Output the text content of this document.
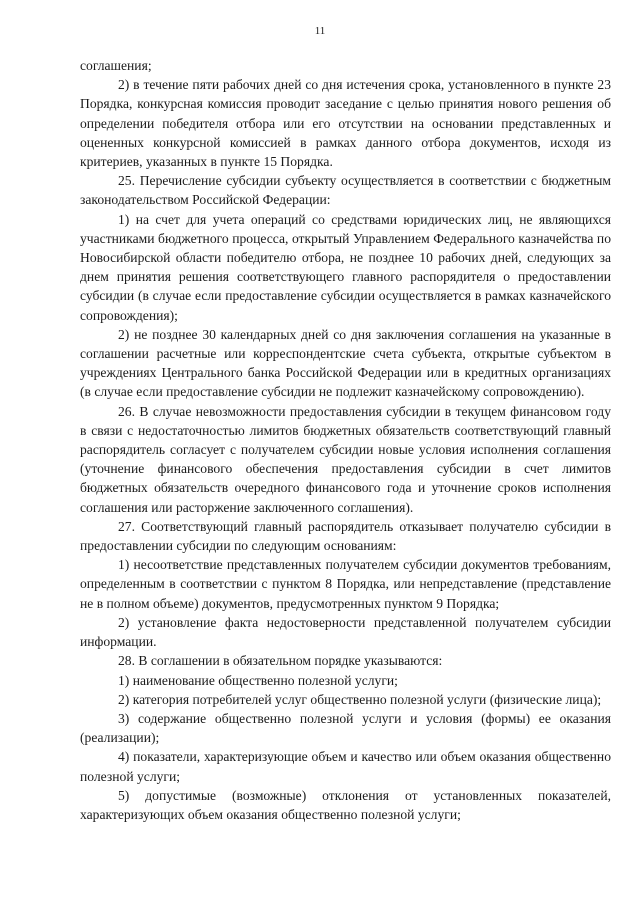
11

соглашения;

2) в течение пяти рабочих дней со дня истечения срока, установленного в пункте 23 Порядка, конкурсная комиссия проводит заседание с целью принятия нового решения об определении победителя отбора или его отсутствии на основании представленных и оцененных конкурсной комиссией в рамках данного отбора документов, исходя из критериев, указанных в пункте 15 Порядка.

25. Перечисление субсидии субъекту осуществляется в соответствии с бюджетным законодательством Российской Федерации:

1) на счет для учета операций со средствами юридических лиц, не являющихся участниками бюджетного процесса, открытый Управлением Федерального казначейства по Новосибирской области победителю отбора, не позднее 10 рабочих дней, следующих за днем принятия решения соответствующего главного распорядителя о предоставлении субсидии (в случае если предоставление субсидии осуществляется в рамках казначейского сопровождения);

2) не позднее 30 календарных дней со дня заключения соглашения на указанные в соглашении расчетные или корреспондентские счета субъекта, открытые субъектом в учреждениях Центрального банка Российской Федерации или в кредитных организациях (в случае если предоставление субсидии не подлежит казначейскому сопровождению).

26. В случае невозможности предоставления субсидии в текущем финансовом году в связи с недостаточностью лимитов бюджетных обязательств соответствующий главный распорядитель согласует с получателем субсидии новые условия исполнения соглашения (уточнение финансового обеспечения предоставления субсидии в счет лимитов бюджетных обязательств очередного финансового года и уточнение сроков исполнения соглашения или расторжение заключенного соглашения).

27. Соответствующий главный распорядитель отказывает получателю субсидии в предоставлении субсидии по следующим основаниям:

1) несоответствие представленных получателем субсидии документов требованиям, определенным в соответствии с пунктом 8 Порядка, или непредставление (представление не в полном объеме) документов, предусмотренных пунктом 9 Порядка;

2) установление факта недостоверности представленной получателем субсидии информации.

28. В соглашении в обязательном порядке указываются:

1) наименование общественно полезной услуги;

2) категория потребителей услуг общественно полезной услуги (физические лица);

3) содержание общественно полезной услуги и условия (формы) ее оказания (реализации);

4) показатели, характеризующие объем и качество или объем оказания общественно полезной услуги;

5) допустимые (возможные) отклонения от установленных показателей, характеризующих объем оказания общественно полезной услуги;
